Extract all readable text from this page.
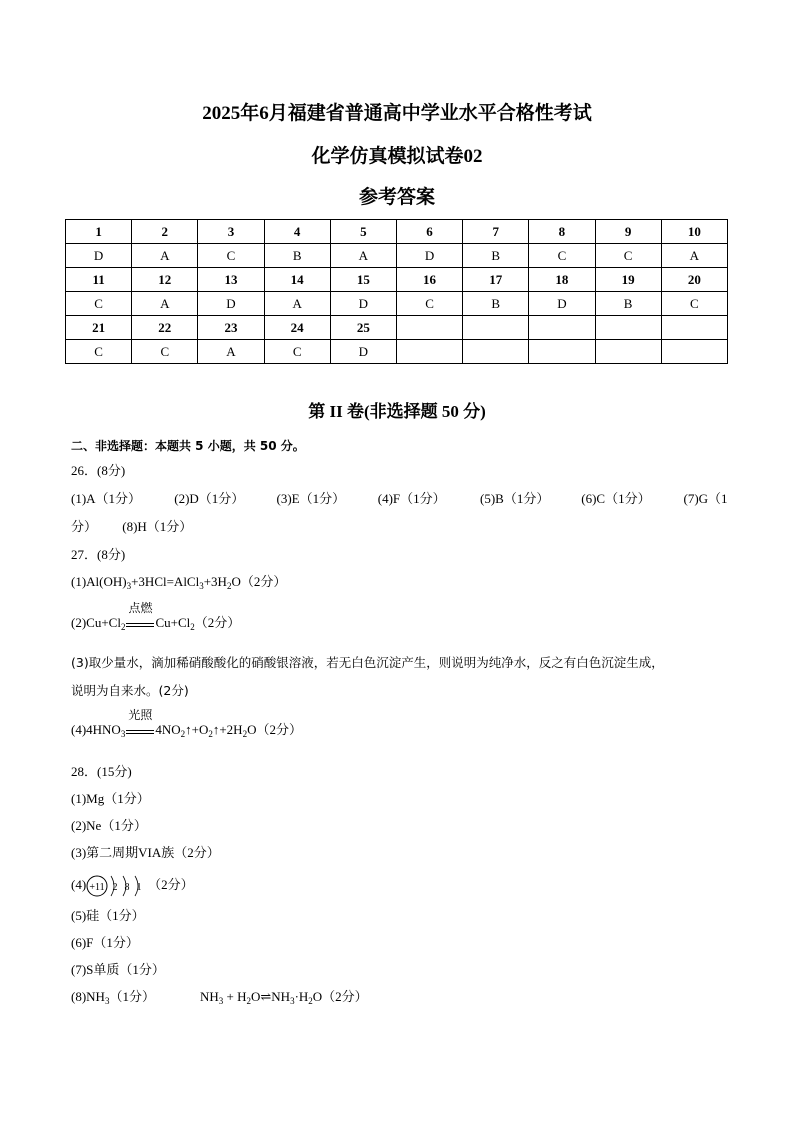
2025年6月福建省普通高中学业水平合格性考试
化学仿真模拟试卷02
参考答案
1	2	3	4	5	6	7	8	9	10
D	A	C	B	A	D	B	C	C	A
11	12	13	14	15	16	17	18	19	20
C	A	D	A	D	C	B	D	B	C
21	22	23	24	25					
C	C	A	C	D					
第 II 卷(非选择题 50 分)
二、非选择题：本题共 5 小题，共 50 分。
26．(8分)
(1)A（1分）	(2)D（1分） (3)E（1分）	(4)F（1分）	(5)B（1分） (6)C（1分）	(7)G（1
分） (8)H（1分）
27．(8分)
$(1)Al(OH)_3+3HCl=AlCl_3+3H_2O(2$分）
$(2)Cu+Cl_2$
点燃
$Cu+Cl_2(2$分）
(3)取少量水，滴加稀硝酸酸化的硝酸银溶液，若无白色沉淀产生，则说明为纯净水，反之有白色沉淀生成，
说明为自来水。(2分)
$(4)4HNO_3$
光照
$4NO_2↑+O_2↑+2H_2O(2$分）
28．(15分)
(1)Mg（1分）
(2)Ne（1分）
(3)第二周期VIA族（2分）
(4) +11 2 8 1 （2分）
(5)硅（1分）
(6)F（1分）
(7)S单质（1分）
$(8)NH_3(1$分）	$NH_3$ + $H_2O\rightleftharpoons NH_3\cdot H_2O(2$分）
